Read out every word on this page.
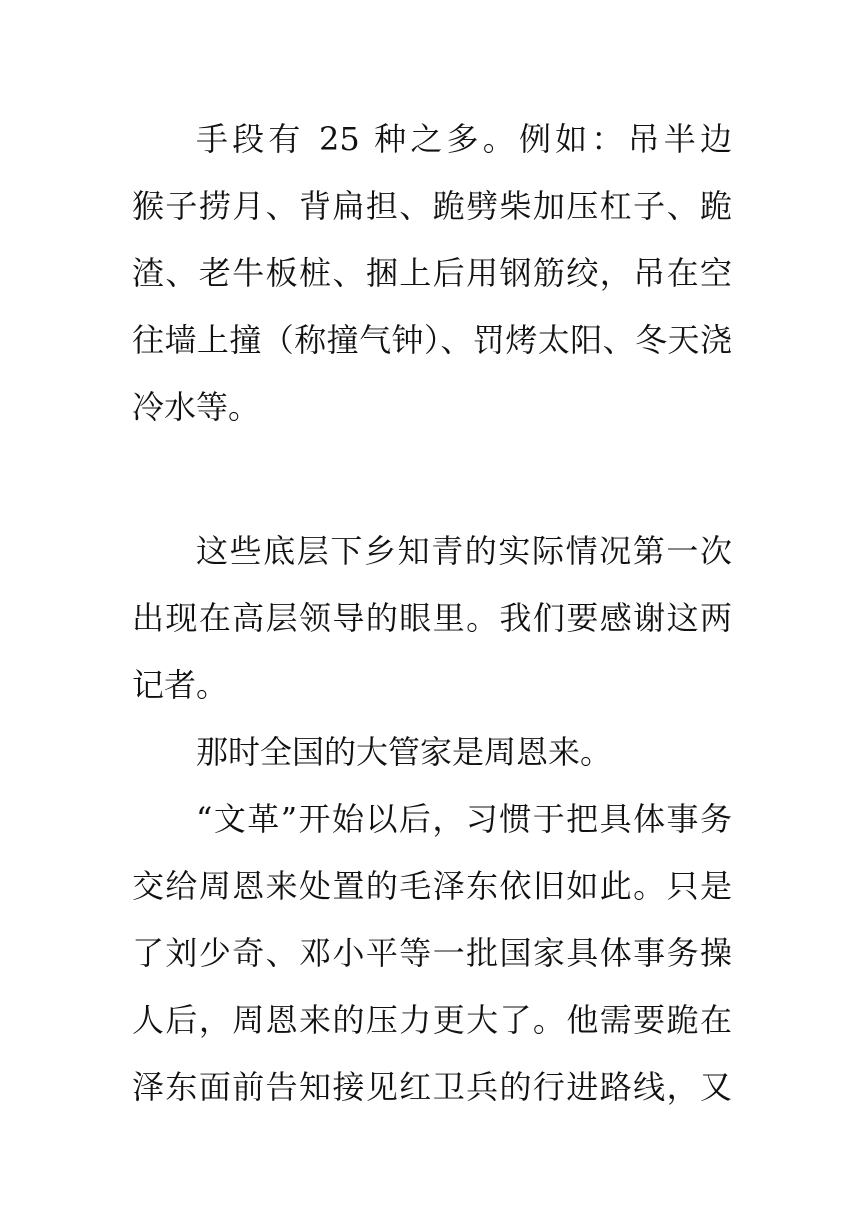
手段有 25 种之多。例如：吊半边
猴子捞月、背扁担、跪劈柴加压杠子、跪
渣、老牛板桩、捆上后用钢筋绞，吊在空
往墙上撞（称撞气钟）、罚烤太阳、冬天浇
冷水等。
这些底层下乡知青的实际情况第一次
出现在高层领导的眼里。我们要感谢这两
记者。
那时全国的大管家是周恩来。
“文革”开始以后，习惯于把具体事务
交给周恩来处置的毛泽东依旧如此。只是
了刘少奇、邓小平等一批国家具体事务操
人后，周恩来的压力更大了。他需要跪在
泽东面前告知接见红卫兵的行进路线，又
